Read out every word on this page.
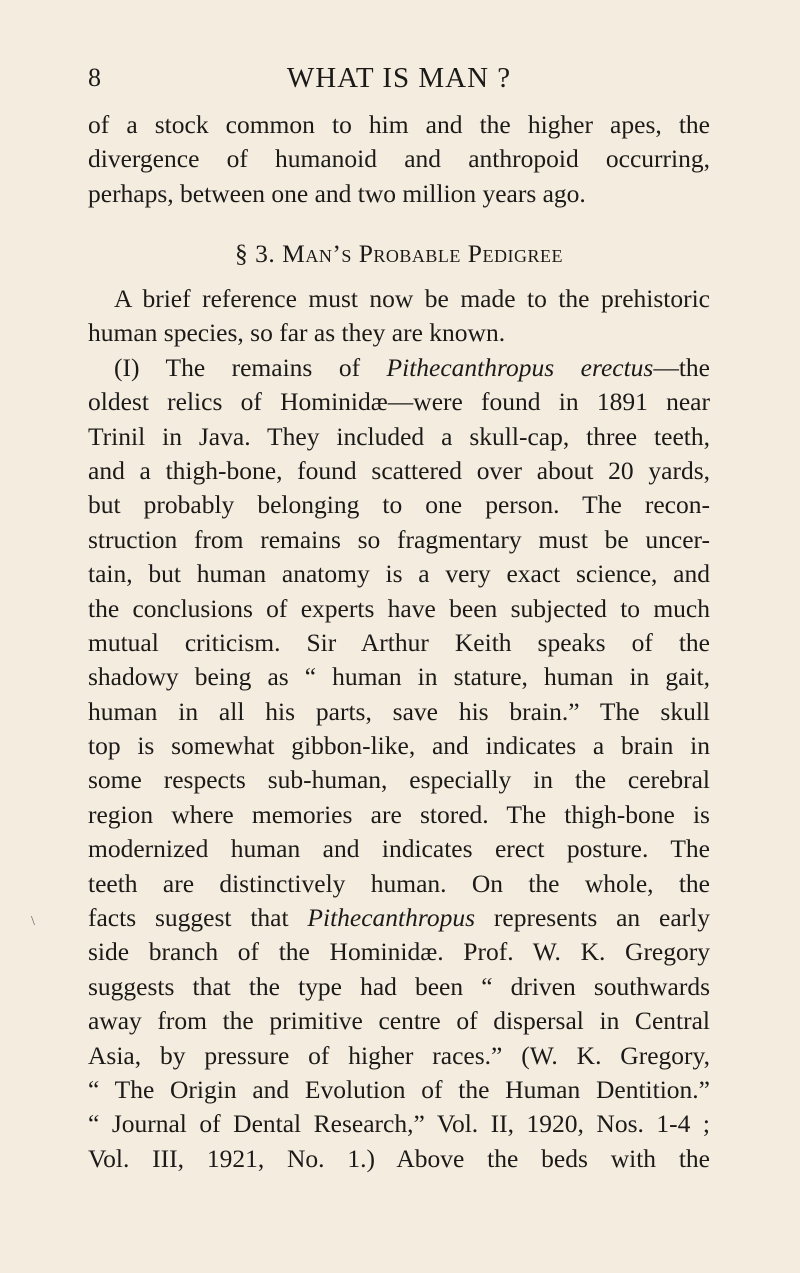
8	WHAT IS MAN ?
of a stock common to him and the higher apes, the
divergence of humanoid and anthropoid occurring,
perhaps, between one and two million years ago.
§ 3. Man’s Probable Pedigree
A brief reference must now be made to the prehistoric
human species, so far as they are known.
(I) The remains of Pithecanthropus erectus—the
oldest relics of Hominidæ—were found in 1891 near
Trinil in Java. They included a skull-cap, three teeth,
and a thigh-bone, found scattered over about 20 yards,
but probably belonging to one person. The recon-
struction from remains so fragmentary must be uncer-
tain, but human anatomy is a very exact science, and
the conclusions of experts have been subjected to much
mutual criticism. Sir Arthur Keith speaks of the
shadowy being as “ human in stature, human in gait,
human in all his parts, save his brain.” The skull
top is somewhat gibbon-like, and indicates a brain in
some respects sub-human, especially in the cerebral
region where memories are stored. The thigh-bone is
modernized human and indicates erect posture. The
teeth are distinctively human. On the whole, the
facts suggest that Pithecanthropus represents an early
side branch of the Hominidæ. Prof. W. K. Gregory
suggests that the type had been “ driven southwards
away from the primitive centre of dispersal in Central
Asia, by pressure of higher races.” (W. K. Gregory,
“ The Origin and Evolution of the Human Dentition.”
“ Journal of Dental Research,” Vol. II, 1920, Nos. 1-4 ;
Vol. III, 1921, No. 1.) Above the beds with the
\
